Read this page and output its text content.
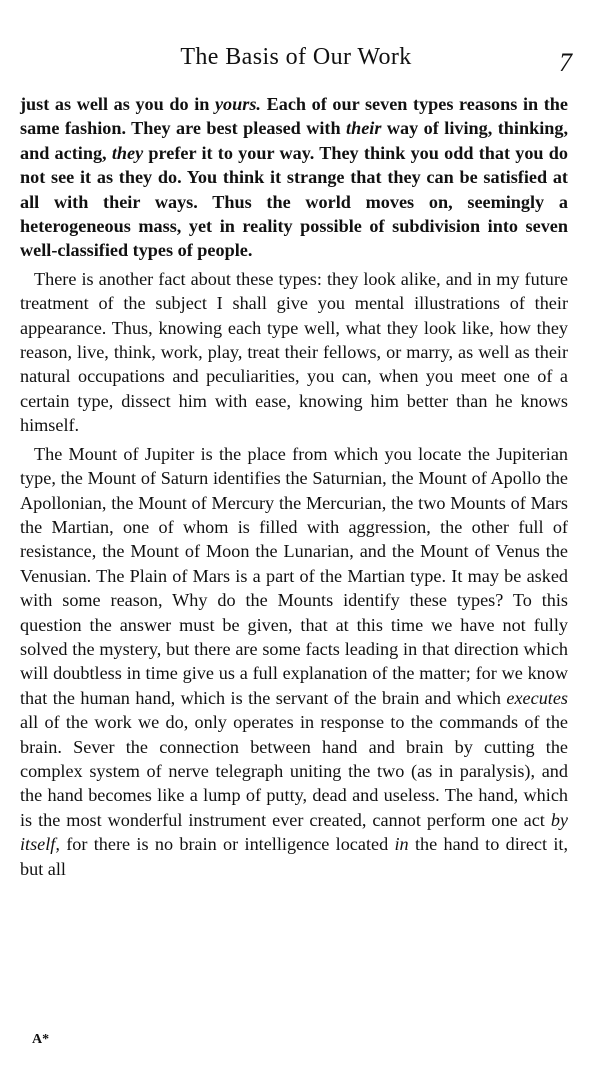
The Basis of Our Work	7

just as well as you do in yours. Each of our seven types reasons in the same fashion. They are best pleased with their way of living, thinking, and acting, they prefer it to your way. They think you odd that you do not see it as they do. You think it strange that they can be satisfied at all with their ways. Thus the world moves on, seemingly a heterogeneous mass, yet in reality possible of subdivision into seven well-classified types of people.

There is another fact about these types: they look alike, and in my future treatment of the subject I shall give you mental illustrations of their appearance. Thus, knowing each type well, what they look like, how they reason, live, think, work, play, treat their fellows, or marry, as well as their natural occupations and peculiarities, you can, when you meet one of a certain type, dissect him with ease, knowing him better than he knows himself.

The Mount of Jupiter is the place from which you locate the Jupiterian type, the Mount of Saturn identifies the Saturnian, the Mount of Apollo the Apollonian, the Mount of Mercury the Mercurian, the two Mounts of Mars the Martian, one of whom is filled with aggression, the other full of resistance, the Mount of Moon the Lunarian, and the Mount of Venus the Venusian. The Plain of Mars is a part of the Martian type. It may be asked with some reason, Why do the Mounts identify these types? To this question the answer must be given, that at this time we have not fully solved the mystery, but there are some facts leading in that direction which will doubtless in time give us a full explanation of the matter; for we know that the human hand, which is the servant of the brain and which executes all of the work we do, only operates in response to the commands of the brain. Sever the connection between hand and brain by cutting the complex system of nerve telegraph uniting the two (as in paralysis), and the hand becomes like a lump of putty, dead and useless. The hand, which is the most wonderful instrument ever created, cannot perform one act by itself, for there is no brain or intelligence located in the hand to direct it, but all

A*
